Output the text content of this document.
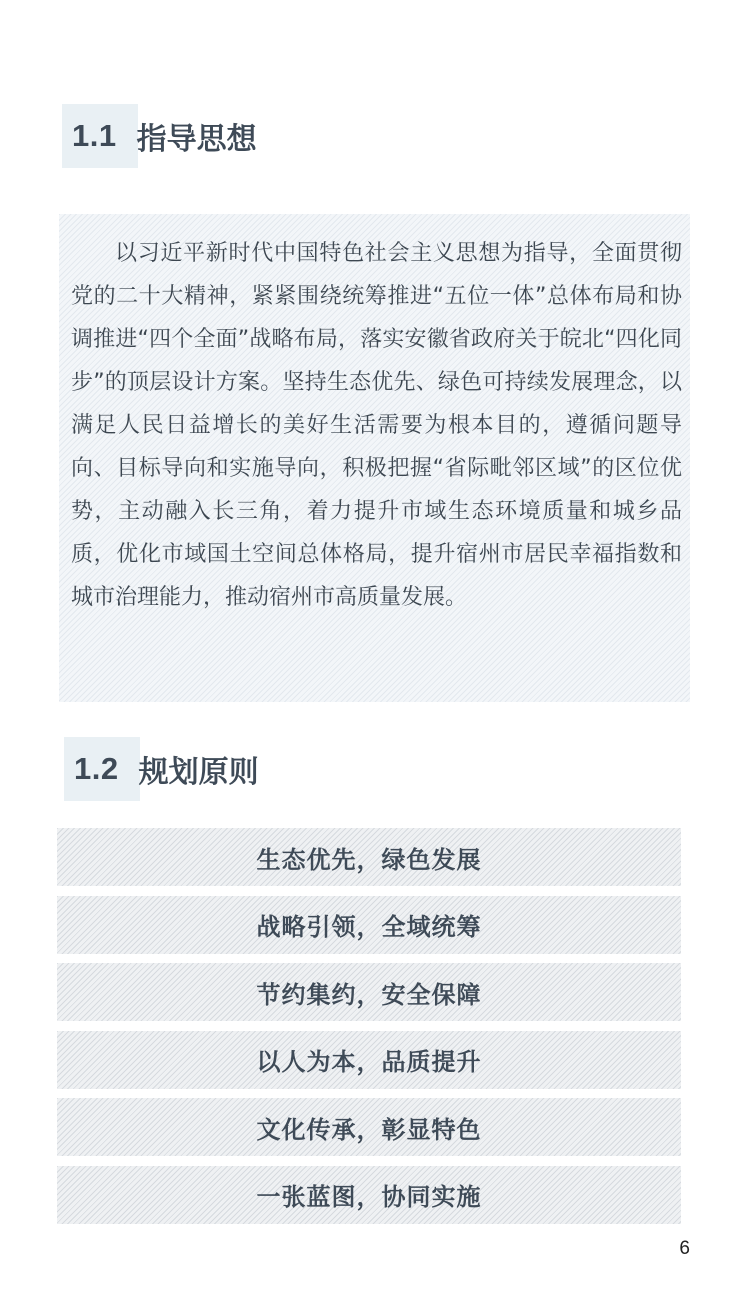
1.1 指导思想

以习近平新时代中国特色社会主义思想为指导，全面贯彻党的二十大精神，紧紧围绕统筹推进“五位一体”总体布局和协调推进“四个全面”战略布局，落实安徽省政府关于皖北“四化同步”的顶层设计方案。坚持生态优先、绿色可持续发展理念，以满足人民日益增长的美好生活需要为根本目的，遵循问题导向、目标导向和实施导向，积极把握“省际毗邻区域”的区位优势，主动融入长三角，着力提升市域生态环境质量和城乡品质，优化市域国土空间总体格局，提升宿州市居民幸福指数和城市治理能力，推动宿州市高质量发展。

1.2 规划原则
生态优先，绿色发展
战略引领，全域统筹
节约集约，安全保障
以人为本，品质提升
文化传承，彰显特色
一张蓝图，协同实施
6
